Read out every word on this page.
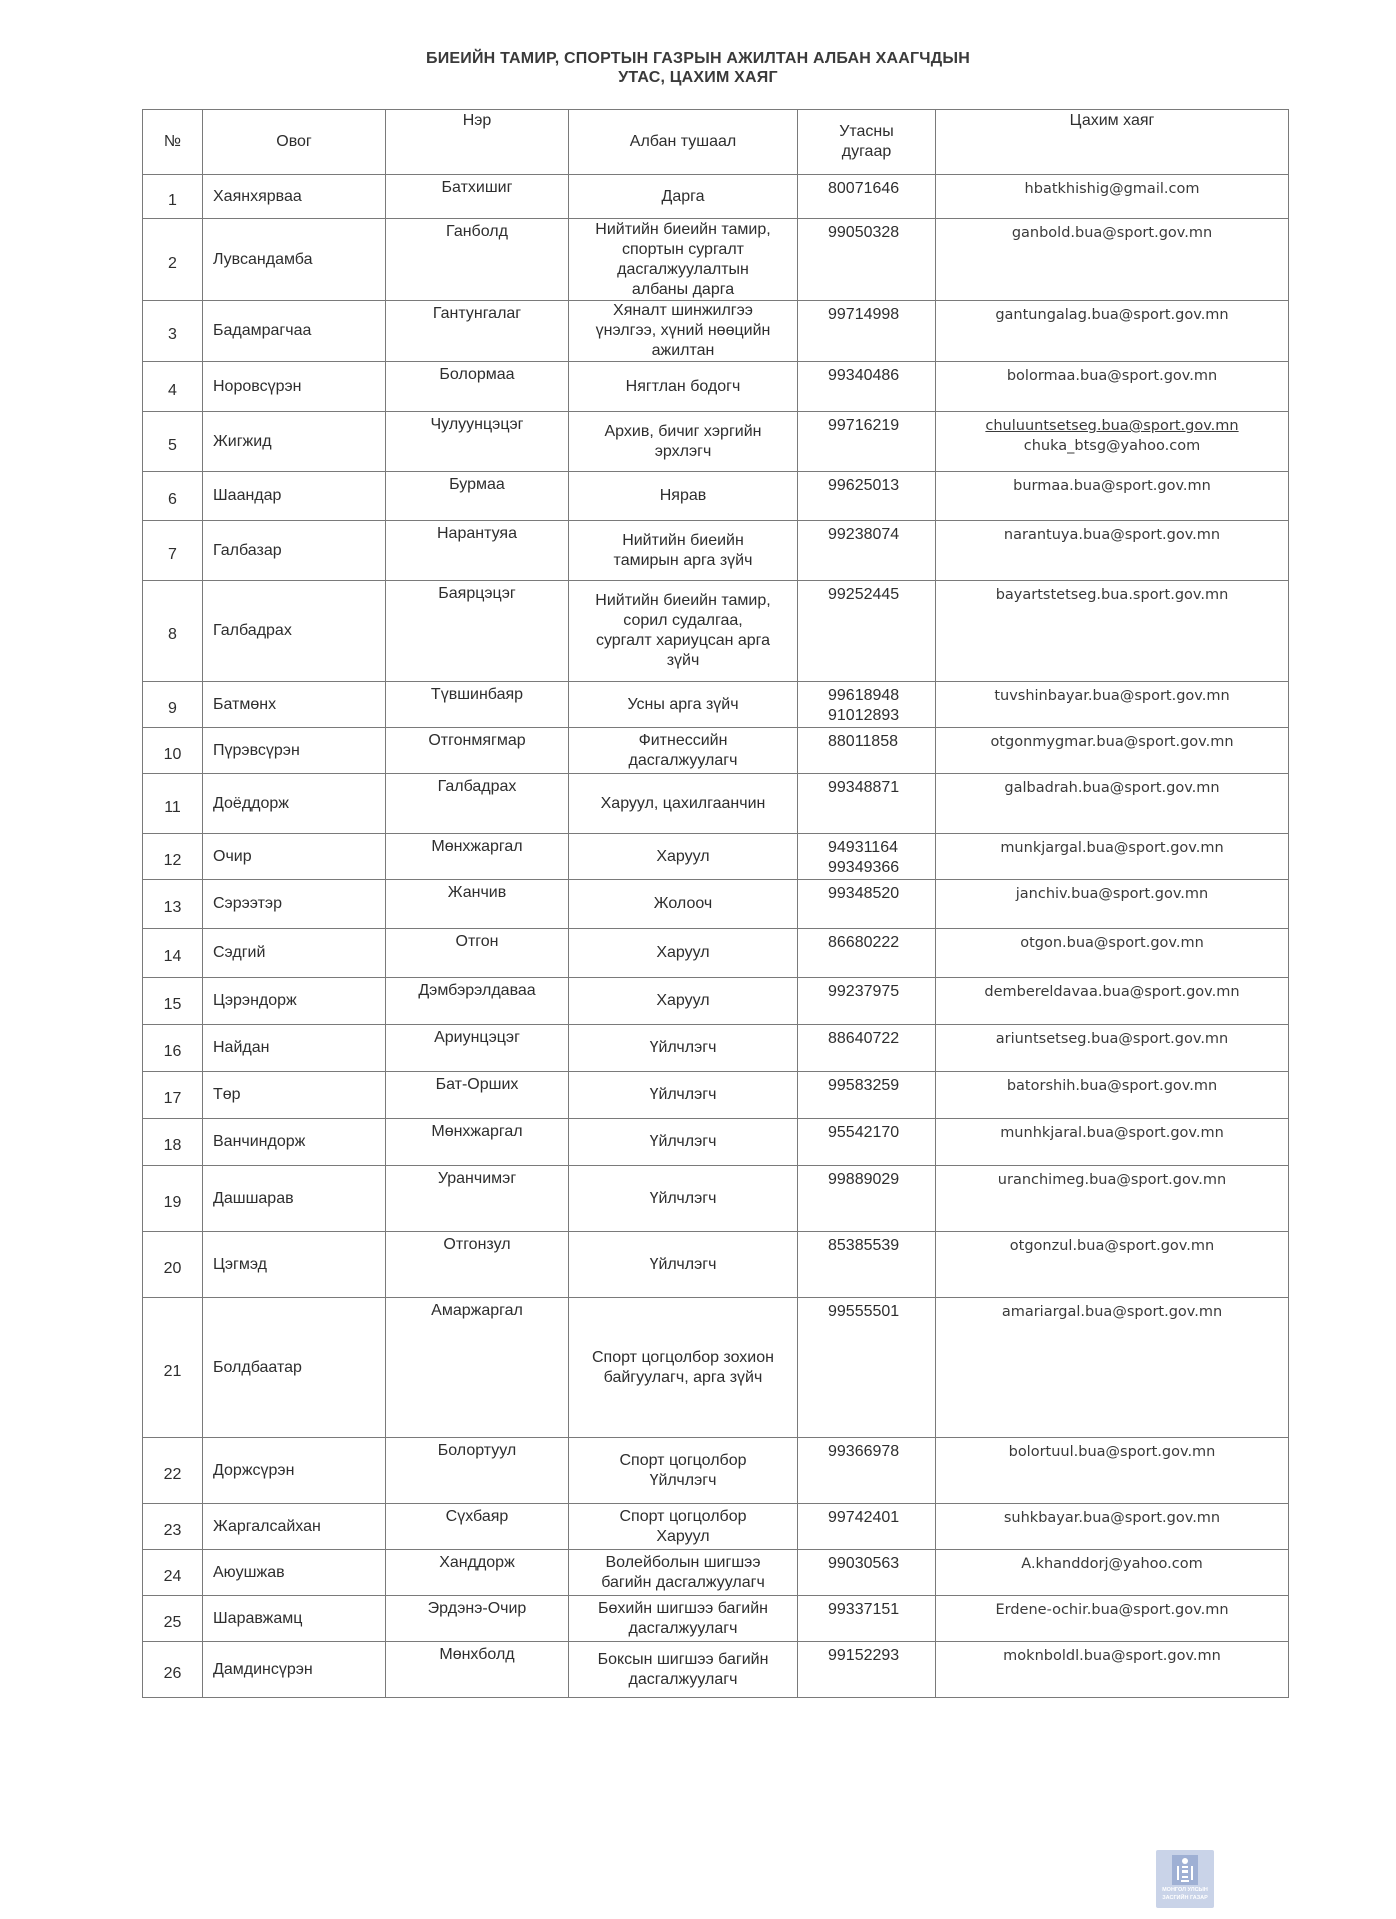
БИЕИЙН ТАМИР, СПОРТЫН ГАЗРЫН АЖИЛТАН АЛБАН ХААГЧДЫН
УТАС, ЦАХИМ ХАЯГ
№	Овог	Нэр	Албан тушаал	Утасны дугаар	Цахим хаяг
1	Хаянхярваа	Батхишиг	Дарга	80071646	hbatkhishig@gmail.com

2	Лувсандамба	Ганболд	Нийтийн биеийн тамир,
спортын сургалт
дасгалжуулалтын
албаны дарга	99050328	ganbold.bua@sport.gov.mn

3	Бадамрагчаа	Гантунгалаг	Хяналт шинжилгээ
үнэлгээ, хүний нөөцийн
ажилтан	99714998	gantungalag.bua@sport.gov.mn

4	Норовсүрэн	Болормаа	Нягтлан бодогч	99340486	bolormaa.bua@sport.gov.mn

5	Жигжид	Чулуунцэцэг	Архив, бичиг хэргийн
эрхлэгч	99716219	chuluuntsetseg.bua@sport.gov.mn
chuka_btsg@yahoo.com

6	Шаандар	Бурмаа	Нярав	99625013	burmaa.bua@sport.gov.mn

7	Галбазар	Нарантуяа	Нийтийн биеийн
тамирын арга зүйч	99238074	narantuya.bua@sport.gov.mn

8	Галбадрах	Баярцэцэг	Нийтийн биеийн тамир,
сорил судалгаа,
сургалт хариуцсан арга
зүйч	99252445	bayartstetseg.bua.sport.gov.mn

9	Батмөнх	Түвшинбаяр	Усны арга зүйч	99618948
91012893	tuvshinbayar.bua@sport.gov.mn

10	Пүрэвсүрэн	Отгонмягмар	Фитнессийн
дасгалжуулагч	88011858	otgonmygmar.bua@sport.gov.mn

11	Доёддорж	Галбадрах	Харуул, цахилгаанчин	99348871	galbadrah.bua@sport.gov.mn

12	Очир	Мөнхжаргал	Харуул	94931164
99349366	munkjargal.bua@sport.gov.mn

13	Сэрээтэр	Жанчив	Жолооч	99348520	janchiv.bua@sport.gov.mn

14	Сэдгий	Отгон	Харуул	86680222	otgon.bua@sport.gov.mn

15	Цэрэндорж	Дэмбэрэлдаваа	Харуул	99237975	dembereldavaa.bua@sport.gov.mn

16	Найдан	Ариунцэцэг	Үйлчлэгч	88640722	ariuntsetseg.bua@sport.gov.mn

17	Төр	Бат-Орших	Үйлчлэгч	99583259	batorshih.bua@sport.gov.mn

18	Ванчиндорж	Мөнхжаргал	Үйлчлэгч	95542170	munhkjaral.bua@sport.gov.mn

19	Дашшарав	Уранчимэг	Үйлчлэгч	99889029	uranchimeg.bua@sport.gov.mn

20	Цэгмэд	Отгонзул	Үйлчлэгч	85385539	otgonzul.bua@sport.gov.mn

21	Болдбаатар	Амаржаргал	Спорт цогцолбор зохион
байгуулагч, арга зүйч	99555501	amariargal.bua@sport.gov.mn

22	Доржсүрэн	Болортуул	Спорт цогцолбор
Үйлчлэгч	99366978	bolortuul.bua@sport.gov.mn

23	Жаргалсайхан	Сүхбаяр	Спорт цогцолбор
Харуул	99742401	suhkbayar.bua@sport.gov.mn

24	Аюушжав	Ханддорж	Волейболын шигшээ
багийн дасгалжуулагч	99030563	A.khanddorj@yahoo.com

25	Шаравжамц	Эрдэнэ-Очир	Бөхийн шигшээ багийн
дасгалжуулагч	99337151	Erdene-ochir.bua@sport.gov.mn

26	Дамдинсүрэн	Мөнхболд	Боксын шигшээ багийн
дасгалжуулагч	99152293	moknboldl.bua@sport.gov.mn
МОНГОЛ УЛСЫН
ЗАСГИЙН ГАЗАР
